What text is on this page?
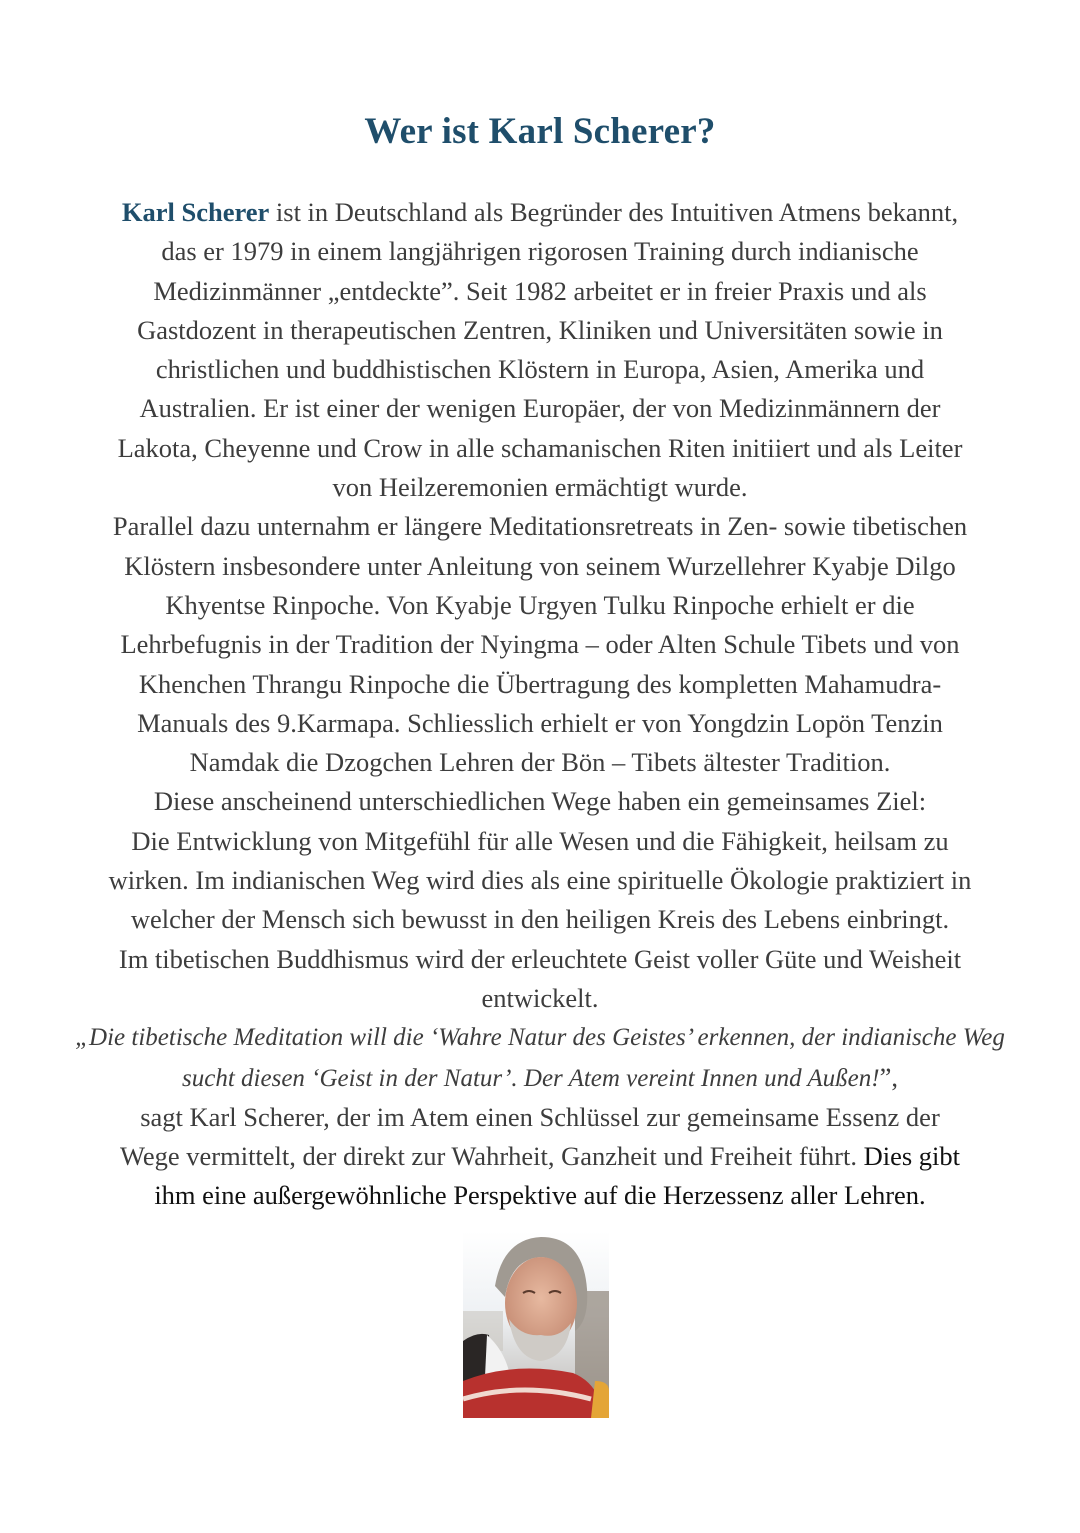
Wer ist Karl Scherer?
Karl Scherer ist in Deutschland als Begründer des Intuitiven Atmens bekannt,
das er 1979 in einem langjährigen rigorosen Training durch indianische
Medizinmänner „entdeckte”. Seit 1982 arbeitet er in freier Praxis und als
Gastdozent in therapeutischen Zentren, Kliniken und Universitäten sowie in
christlichen und buddhistischen Klöstern in Europa, Asien, Amerika und
Australien. Er ist einer der wenigen Europäer, der von Medizinmännern der
Lakota, Cheyenne und Crow in alle schamanischen Riten initiiert und als Leiter
von Heilzeremonien ermächtigt wurde.
Parallel dazu unternahm er längere Meditationsretreats in Zen- sowie tibetischen
Klöstern insbesondere unter Anleitung von seinem Wurzellehrer Kyabje Dilgo
Khyentse Rinpoche. Von Kyabje Urgyen Tulku Rinpoche erhielt er die
Lehrbefugnis in der Tradition der Nyingma – oder Alten Schule Tibets und von
Khenchen Thrangu Rinpoche die Übertragung des kompletten Mahamudra-
Manuals des 9.Karmapa. Schliesslich erhielt er von Yongdzin Lopön Tenzin
Namdak die Dzogchen Lehren der Bön – Tibets ältester Tradition.
Diese anscheinend unterschiedlichen Wege haben ein gemeinsames Ziel:
Die Entwicklung von Mitgefühl für alle Wesen und die Fähigkeit, heilsam zu
wirken. Im indianischen Weg wird dies als eine spirituelle Ökologie praktiziert in
welcher der Mensch sich bewusst in den heiligen Kreis des Lebens einbringt.
Im tibetischen Buddhismus wird der erleuchtete Geist voller Güte und Weisheit
entwickelt.
„Die tibetische Meditation will die ‘Wahre Natur des Geistes’ erkennen, der indianische Weg
sucht diesen ‘Geist in der Natur’. Der Atem vereint Innen und Außen!”,
sagt Karl Scherer, der im Atem einen Schlüssel zur gemeinsame Essenz der
Wege vermittelt, der direkt zur Wahrheit, Ganzheit und Freiheit führt. Dies gibt
ihm eine außergewöhnliche Perspektive auf die Herzessenz aller Lehren.
